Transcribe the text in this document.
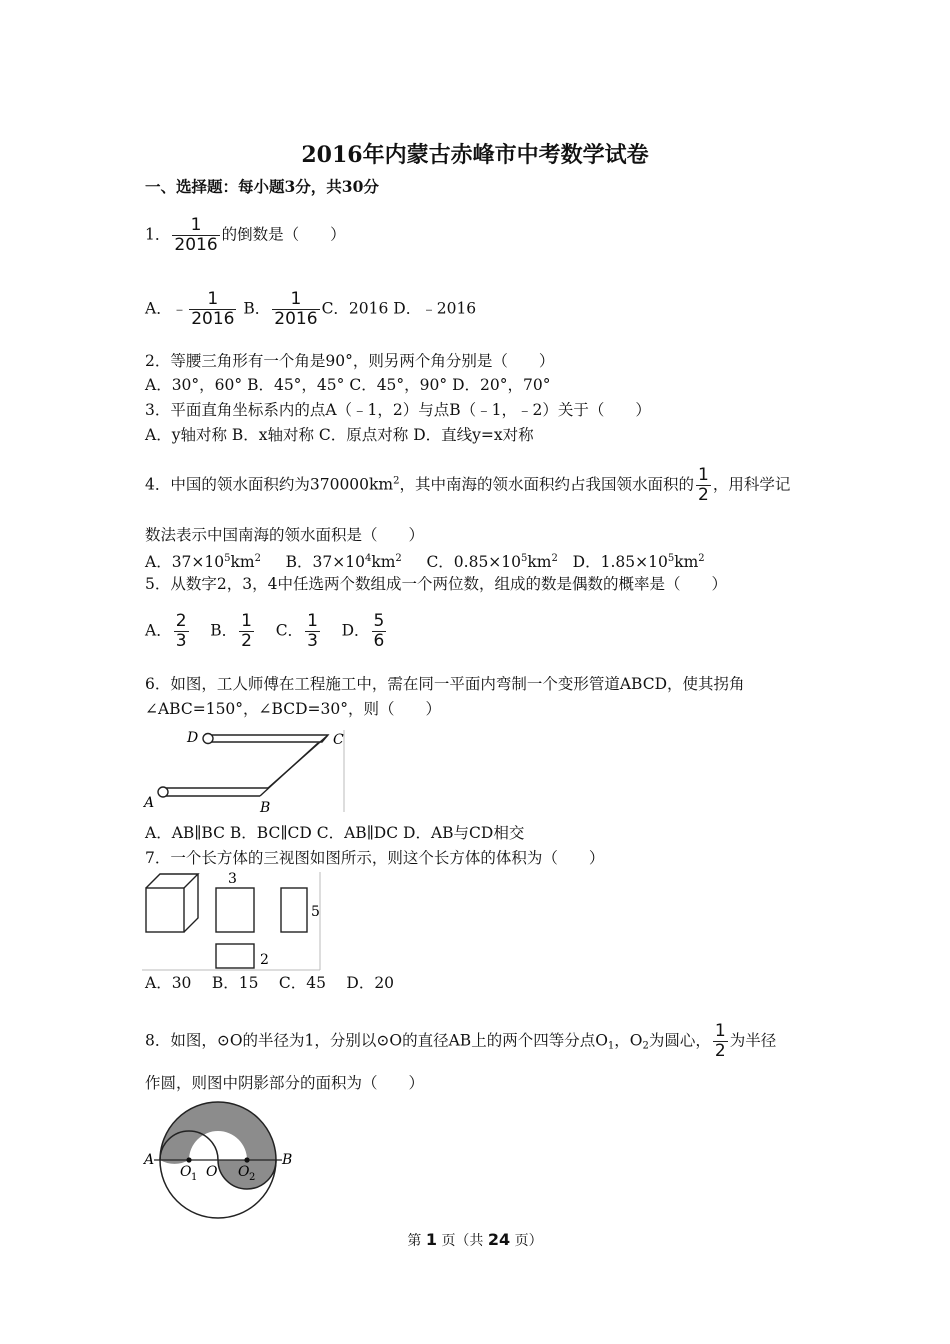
2016年内蒙古赤峰市中考数学试卷
一、选择题：每小题3分，共30分
1． $\frac{1}{2016}$ 的倒数是（　　）
A．﹣ $\frac{1}{2016}$ B． $\frac{1}{2016}$ C．2016 D．﹣2016
2．等腰三角形有一个角是90°，则另两个角分别是（　　）
A．30°，60° B．45°，45° C．45°，90° D．20°，70°
3．平面直角坐标系内的点A（﹣1，2）与点B（﹣1，﹣2）关于（　　）
A．y轴对称 B．x轴对称 C．原点对称 D．直线y=x对称
4．中国的领水面积约为$370000km^2$，其中南海的领水面积约占我国领水面积的 $\frac{1}{2}$ ，用科学记
数法表示中国南海的领水面积是（　　）
A．$37\times 10^5km^2$ B．$37\times 10^4km^2$ C．$0.85\times 10^5km^2$ D．$1.85\times 10^5km^2$
5．从数字2，3，4中任选两个数组成一个两位数，组成的数是偶数的概率是（　　）
A． $\frac{2}{3}$ B． $\frac{1}{2}$ C． $\frac{1}{3}$ D． $\frac{5}{6}$
6．如图，工人师傅在工程施工中，需在同一平面内弯制一个变形管道ABCD，使其拐角
∠ABC=150°，∠BCD=30°，则（　　）
D	C
A	B
A．AB∥BC B．BC∥CD C．AB∥DC D．AB与CD相交
7．一个长方体的三视图如图所示，则这个长方体的体积为（　　）
3
5
2
A．30　 B．15　 C．45　 D．20
8．如图，⊙O的半径为1，分别以⊙O的直径AB上的两个四等分点$O_1$，$O_2$为圆心， $\frac{1}{2}$ 为半径
作圆，则图中阴影部分的面积为（　　）
A	B
O
O 1	O 2
第 1 页（共 24 页）
